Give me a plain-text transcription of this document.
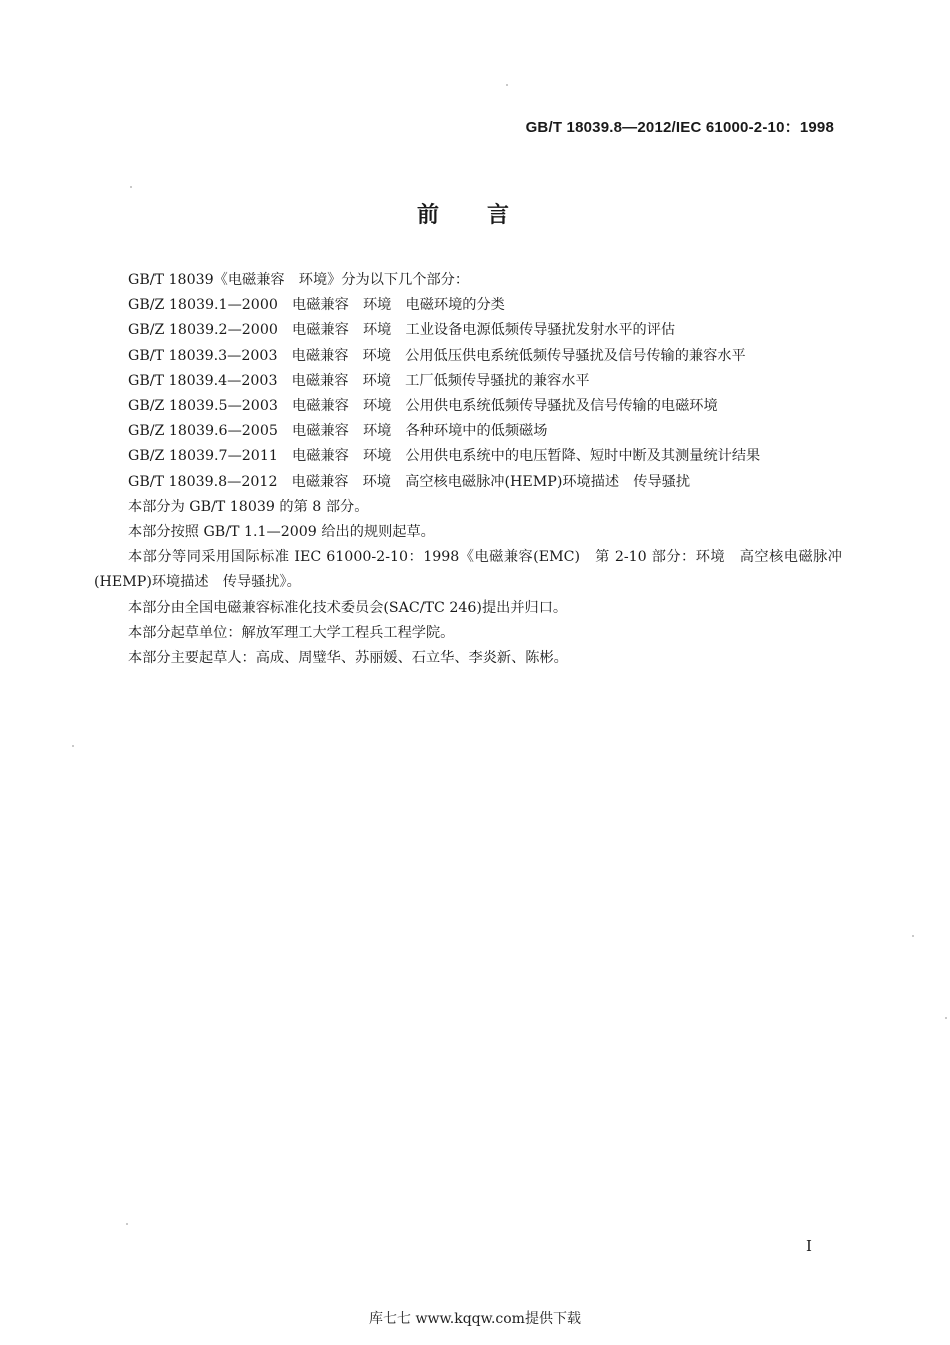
GB/T 18039.8—2012/IEC 61000-2-10：1998
前言

GB/T 18039《电磁兼容　环境》分为以下几个部分：

GB/Z 18039.1—2000　电磁兼容　环境　电磁环境的分类

GB/Z 18039.2—2000　电磁兼容　环境　工业设备电源低频传导骚扰发射水平的评估

GB/T 18039.3—2003　电磁兼容　环境　公用低压供电系统低频传导骚扰及信号传输的兼容水平

GB/T 18039.4—2003　电磁兼容　环境　工厂低频传导骚扰的兼容水平

GB/Z 18039.5—2003　电磁兼容　环境　公用供电系统低频传导骚扰及信号传输的电磁环境

GB/Z 18039.6—2005　电磁兼容　环境　各种环境中的低频磁场

GB/Z 18039.7—2011　电磁兼容　环境　公用供电系统中的电压暂降、短时中断及其测量统计结果

GB/T 18039.8—2012　电磁兼容　环境　高空核电磁脉冲(HEMP)环境描述　传导骚扰

本部分为 GB/T 18039 的第 8 部分。

本部分按照 GB/T 1.1—2009 给出的规则起草。

本部分等同采用国际标准 IEC 61000-2-10：1998《电磁兼容(EMC)　第 2-10 部分：环境　高空核电磁脉冲(HEMP)环境描述　传导骚扰》。

本部分由全国电磁兼容标准化技术委员会(SAC/TC 246)提出并归口。

本部分起草单位：解放军理工大学工程兵工程学院。

本部分主要起草人：高成、周璧华、苏丽媛、石立华、李炎新、陈彬。

I
库七七 www.kqqw.com提供下载
